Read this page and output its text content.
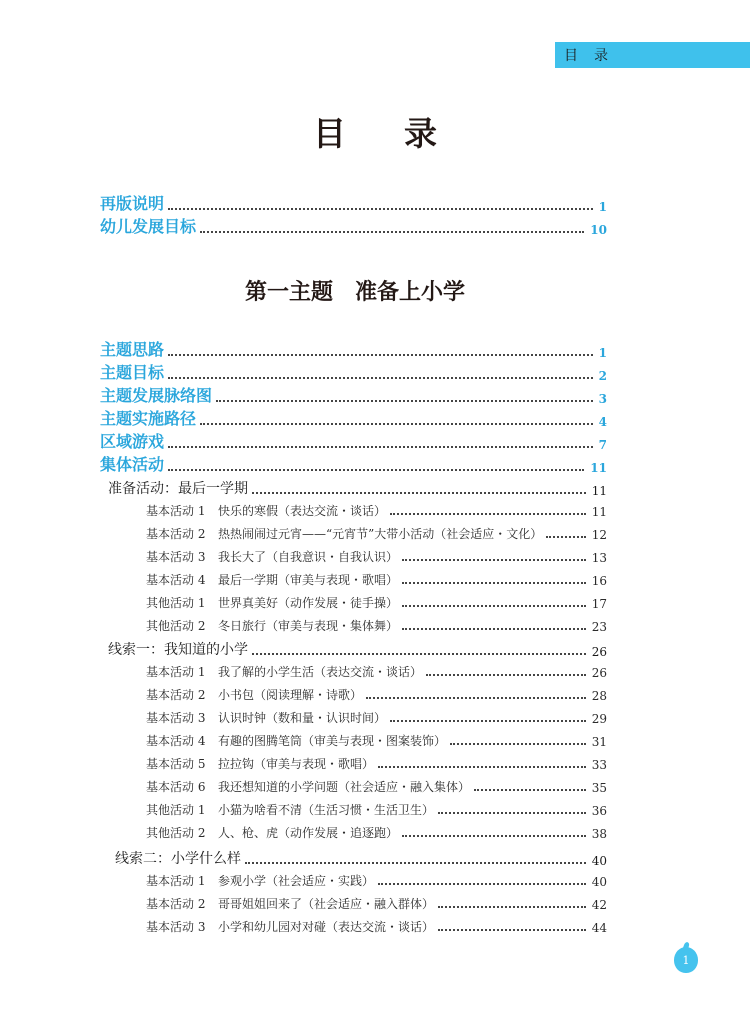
目录
目录
再版说明	1
幼儿发展目标	10
第一主题　准备上小学
主题思路	1
主题目标	2
主题发展脉络图	3
主题实施路径	4
区域游戏	7
集体活动	11
准备活动：最后一学期	11
基本活动 1 快乐的寒假（表达交流・谈话）	11
基本活动 2 热热闹闹过元宵——“元宵节”大带小活动（社会适应・文化）	12
基本活动 3 我长大了（自我意识・自我认识）	13
基本活动 4 最后一学期（审美与表现・歌唱）	16
其他活动 1 世界真美好（动作发展・徒手操）	17
其他活动 2 冬日旅行（审美与表现・集体舞）	23
线索一：我知道的小学	26
基本活动 1 我了解的小学生活（表达交流・谈话）	26
基本活动 2 小书包（阅读理解・诗歌）	28
基本活动 3 认识时钟（数和量・认识时间）	29
基本活动 4 有趣的图腾笔筒（审美与表现・图案装饰）	31
基本活动 5 拉拉钩（审美与表现・歌唱）	33
基本活动 6 我还想知道的小学问题（社会适应・融入集体）	35
其他活动 1 小猫为啥看不清（生活习惯・生活卫生）	36
其他活动 2 人、枪、虎（动作发展・追逐跑）	38
线索二：小学什么样	40
基本活动 1 参观小学（社会适应・实践）	40
基本活动 2 哥哥姐姐回来了（社会适应・融入群体）	42
基本活动 3 小学和幼儿园对对碰（表达交流・谈话）	44
1
